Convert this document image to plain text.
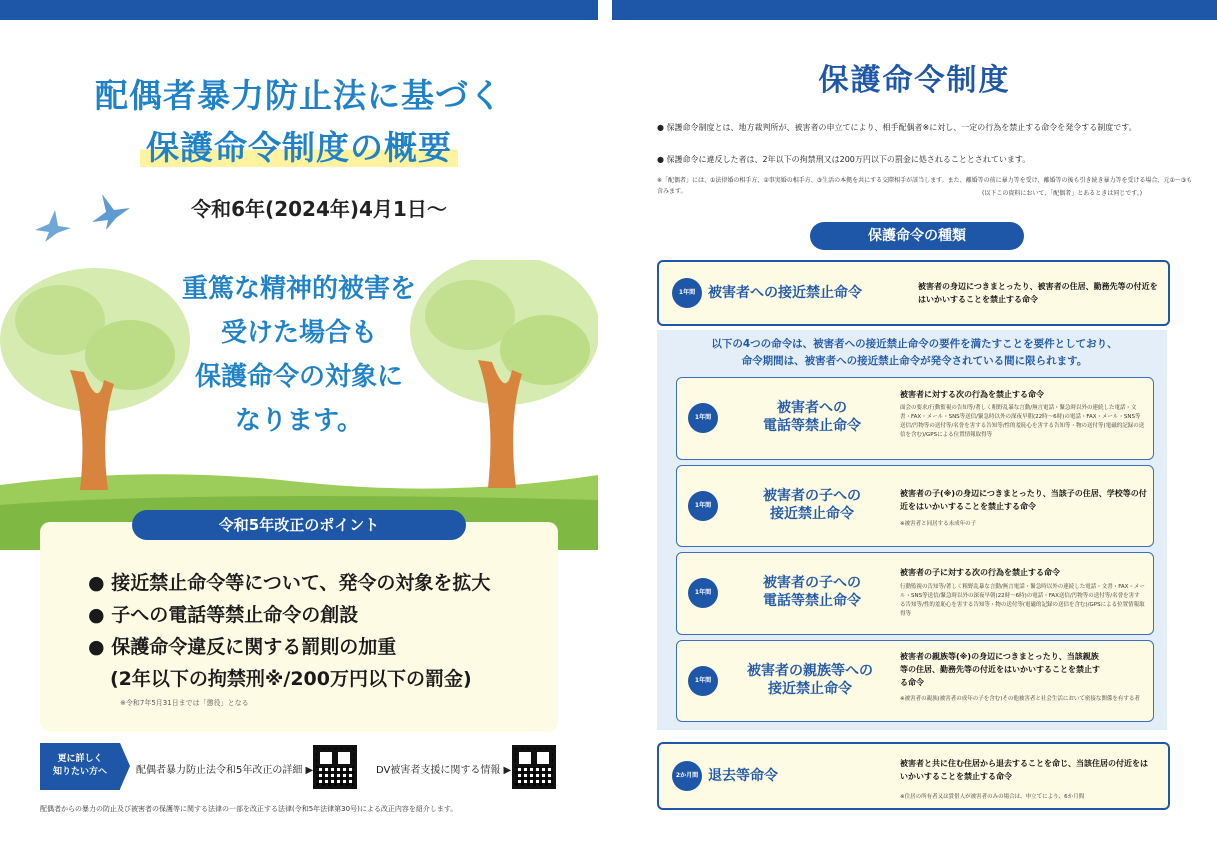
配偶者暴力防止法に基づく
保護命令制度の概要
令和6年(2024年)4月1日〜
重篤な精神的被害を
受けた場合も
保護命令の対象に
なります。
令和5年改正のポイント
● 接近禁止命令等について、発令の対象を拡大
● 子への電話等禁止命令の創設
● 保護命令違反に関する罰則の加重
(2年以下の拘禁刑※/200万円以下の罰金)
※令和7年5月31日までは「懲役」となる
更に詳しく
知りたい方へ	配偶者暴力防止法令和5年改正の詳細 ▶	DV被害者支援に関する情報 ▶
配偶者からの暴力の防止及び被害者の保護等に関する法律の一部を改正する法律(令和5年法律第30号)による改正内容を紹介します。
保護命令制度
● 保護命令制度とは、地方裁判所が、被害者の申立てにより、相手配偶者※に対し、一定の行為を禁止する命令を発令する制度です。
● 保護命令に違反した者は、2年以下の拘禁刑又は200万円以下の罰金に処されることとされています。
※「配偶者」には、①法律婚の相手方、②事実婚の相手方、③生活の本拠を共にする交際相手が該当します。また、離婚等の前に暴力等を受け、離婚等の後も引き続き暴力等を受ける場合、元①〜③も含みます。	(以下この資料において、「配偶者」とあるときは同じです。)
保護命令の種類
1年間 被害者への接近禁止命令	被害者の身辺につきまとったり、被害者の住居、勤務先等の付近をはいかいすることを禁止する命令
以下の4つの命令は、被害者への接近禁止命令の要件を満たすことを要件としており、
命令期間は、被害者への接近禁止命令が発令されている間に限られます。
1年間
被害者への
電話等禁止命令
被害者に対する次の行為を禁止する命令
面会の要求/行動監視の告知等/著しく粗野乱暴な言動/無言電話・緊急時以外の連続した電話・文書・FAX・メール・SNS等送信/緊急時以外の深夜早朝(22時〜6時)の電話・FAX・メール・SNS等送信/汚物等の送付等/名誉を害する告知等/性的羞恥心を害する告知等・物の送付等(電磁的記録の送信を含む)/GPSによる位置情報取得等
1年間
被害者の子への
接近禁止命令
被害者の子(※)の身辺につきまとったり、当該子の住居、学校等の付近をはいかいすることを禁止する命令
※被害者と同居する未成年の子
1年間
被害者の子への
電話等禁止命令
被害者の子に対する次の行為を禁止する命令
行動監視の告知等/著しく粗野乱暴な言動/無言電話・緊急時以外の連続した電話・文書・FAX・メール・SNS等送信/緊急時以外の深夜早朝(22時〜6時)の電話・FAX送信/汚物等の送付等/名誉を害する告知等/性的羞恥心を害する告知等・物の送付等(電磁的記録の送信を含む)/GPSによる位置情報取得等
1年間
被害者の親族等への
接近禁止命令
被害者の親族等(※)の身辺につきまとったり、当該親族等の住居、勤務先等の付近をはいかいすることを禁止する命令
※被害者の親族(被害者の成年の子を含む)その他被害者と社会生活において密接な関係を有する者
2か月間 退去等命令
被害者と共に住む住居から退去することを命じ、当該住居の付近をはいかいすることを禁止する命令
※住居の所有者又は賃借人が被害者のみの場合は、申立てにより、6か月間
